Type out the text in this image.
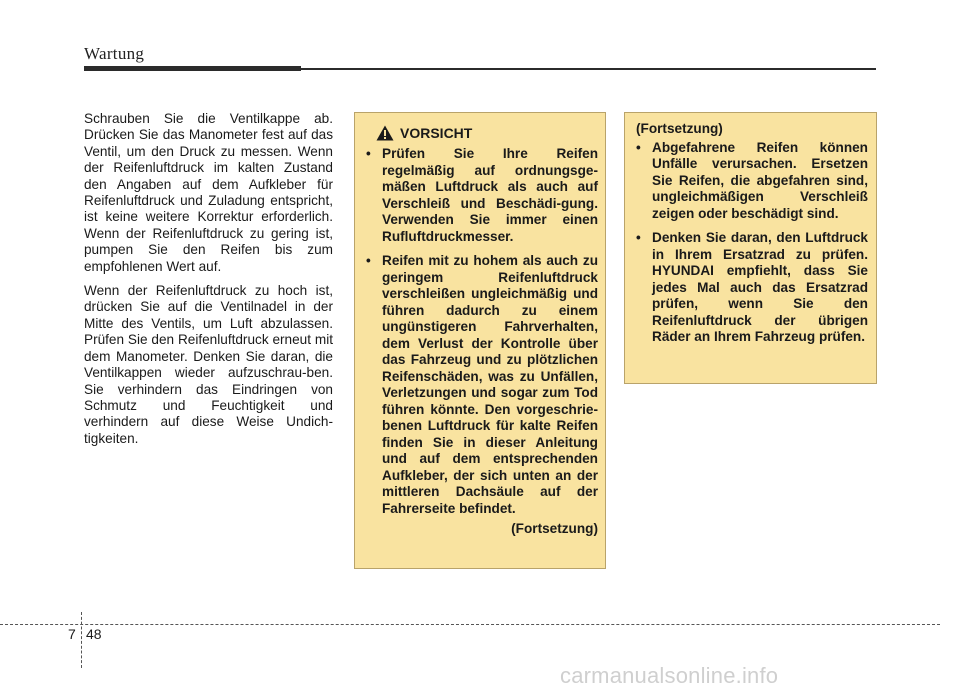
Wartung

Schrauben Sie die Ventilkappe ab. Drücken Sie das Manometer fest auf das Ventil, um den Druck zu messen. Wenn der Reifenluftdruck im kalten Zustand den Angaben auf dem Aufkleber für Reifenluftdruck und Zuladung entspricht, ist keine weitere Korrektur erforderlich. Wenn der Reifenluftdruck zu gering ist, pumpen Sie den Reifen bis zum empfohlenen Wert auf.

Wenn der Reifenluftdruck zu hoch ist, drücken Sie auf die Ventilnadel in der Mitte des Ventils, um Luft abzulassen. Prüfen Sie den Reifenluftdruck erneut mit dem Manometer. Denken Sie daran, die Ventilkappen wieder aufzuschrau-ben. Sie verhindern das Eindringen von Schmutz und Feuchtigkeit und verhindern auf diese Weise Undich-tigkeiten.

VORSICHT
• Prüfen Sie Ihre Reifen regelmäßig auf ordnungsge-mäßen Luftdruck als auch auf Verschleiß und Beschädi-gung. Verwenden Sie immer einen Rufluftdruckmesser.
• Reifen mit zu hohem als auch zu geringem Reifenluftdruck verschleißen ungleichmäßig und führen dadurch zu einem ungünstigeren Fahrverhalten, dem Verlust der Kontrolle über das Fahrzeug und zu plötzlichen Reifenschäden, was zu Unfällen, Verletzungen und sogar zum Tod führen könnte. Den vorgeschrie-benen Luftdruck für kalte Reifen finden Sie in dieser Anleitung und auf dem entsprechenden Aufkleber, der sich unten an der mittleren Dachsäule auf der Fahrerseite befindet.
(Fortsetzung)
(Fortsetzung)
• Abgefahrene Reifen können Unfälle verursachen. Ersetzen Sie Reifen, die abgefahren sind, ungleichmäßigen Verschleiß zeigen oder beschädigt sind.
• Denken Sie daran, den Luftdruck in Ihrem Ersatzrad zu prüfen. HYUNDAI empfiehlt, dass Sie jedes Mal auch das Ersatzrad prüfen, wenn Sie den Reifenluftdruck der übrigen Räder an Ihrem Fahrzeug prüfen.
7 48
carmanualsonline.info
